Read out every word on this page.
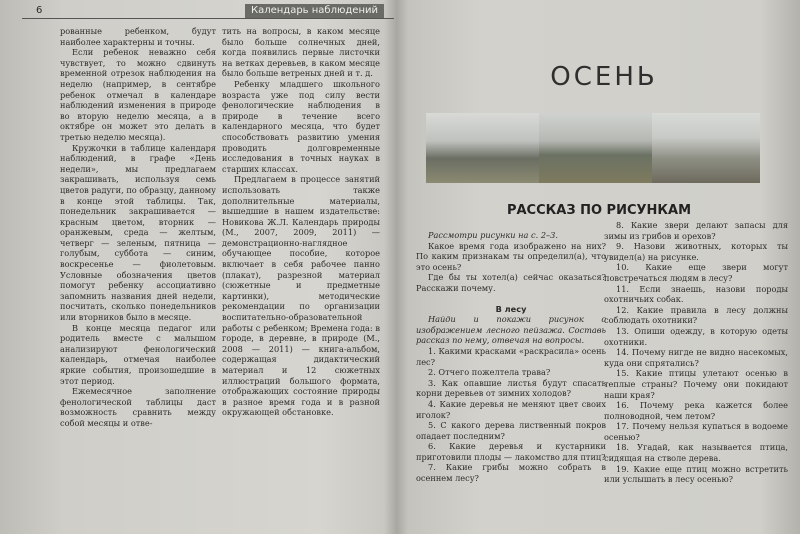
6	Календарь наблюдений

рованные ребенком, будут наиболее характерны и точны.

Если ребенок неважно себя чувствует, то можно сдвинуть временной отрезок наблюдения на неделю (например, в сентябре ребенок отмечал в календаре наблюдений изменения в природе во вторую неделю месяца, а в октябре он может это делать в третью неделю месяца).

Кружочки в таблице календаря наблюдений, в графе «День недели», мы предлагаем закрашивать, используя семь цветов радуги, по образцу, данному в конце этой таблицы. Так, понедельник закрашивается — красным цветом, вторник — оранжевым, среда — желтым, четверг — зеленым, пятница — голубым, суббота — синим, воскресенье — фиолетовым. Условные обозначения цветов помогут ребенку ассоциативно запомнить названия дней недели, посчитать, сколько понедельников или вторников было в месяце.

В конце месяца педагог или родитель вместе с малышом анализируют фенологический календарь, отмечая наиболее яркие события, произошедшие в этот период.

Ежемесячное заполнение фенологической таблицы даст возможность сравнить между собой месяцы и отве-

тить на вопросы, в каком месяце было больше солнечных дней, когда появились первые листочки на ветках деревьев, в каком месяце было больше ветреных дней и т. д.

Ребенку младшего школьного возраста уже под силу вести фенологические наблюдения в природе в течение всего календарного месяца, что будет способствовать развитию умения проводить долговременные исследования в точных науках в старших классах.

Предлагаем в процессе занятий использовать также дополнительные материалы, вышедшие в нашем издательстве: Новикова Ж.Л. Календарь природы (М., 2007, 2009, 2011) — демонстрационно-наглядное обучающее пособие, которое включает в себя рабочее панно (плакат), разрезной материал (сюжетные и предметные картинки), методические рекомендации по организации воспитательно-образовательной работы с ребенком; Времена года: в городе, в деревне, в природе (М., 2008 — 2011) — книга-альбом, содержащая дидактический материал и 12 сюжетных иллюстраций большого формата, отображающих состояние природы в разное время года и в разной окружающей обстановке.

ОСЕНЬ
РАССКАЗ ПО РИСУНКАМ

Рассмотри рисунки на с. 2–3.

Какое время года изображено на них? По каким признакам ты определил(а), что это осень?

Где бы ты хотел(а) сейчас оказаться? Расскажи почему.

В лесу

Найди и покажи рисунок с изображением лесного пейзажа. Составь рассказ по нему, отвечая на вопросы.

1. Какими красками «раскрасила» осень лес?

2. Отчего пожелтела трава?

3. Как опавшие листья будут спасать корни деревьев от зимних холодов?

4. Какие деревья не меняют цвет своих иголок?

5. С какого дерева лиственный покров опадает последним?

6. Какие деревья и кустарники приготовили плоды — лакомство для птиц?

7. Какие грибы можно собрать в осеннем лесу?

8. Какие звери делают запасы для зимы из грибов и орехов?

9. Назови животных, которых ты увидел(а) на рисунке.

10. Какие еще звери могут повстречаться людям в лесу?

11. Если знаешь, назови породы охотничьих собак.

12. Какие правила в лесу должны соблюдать охотники?

13. Опиши одежду, в которую одеты охотники.

14. Почему нигде не видно насекомых, куда они спрятались?

15. Какие птицы улетают осенью в теплые страны? Почему они покидают наши края?

16. Почему река кажется более полноводной, чем летом?

17. Почему нельзя купаться в водоеме осенью?

18. Угадай, как называется птица, сидящая на стволе дерева.

19. Какие еще птиц можно встретить или услышать в лесу осенью?
